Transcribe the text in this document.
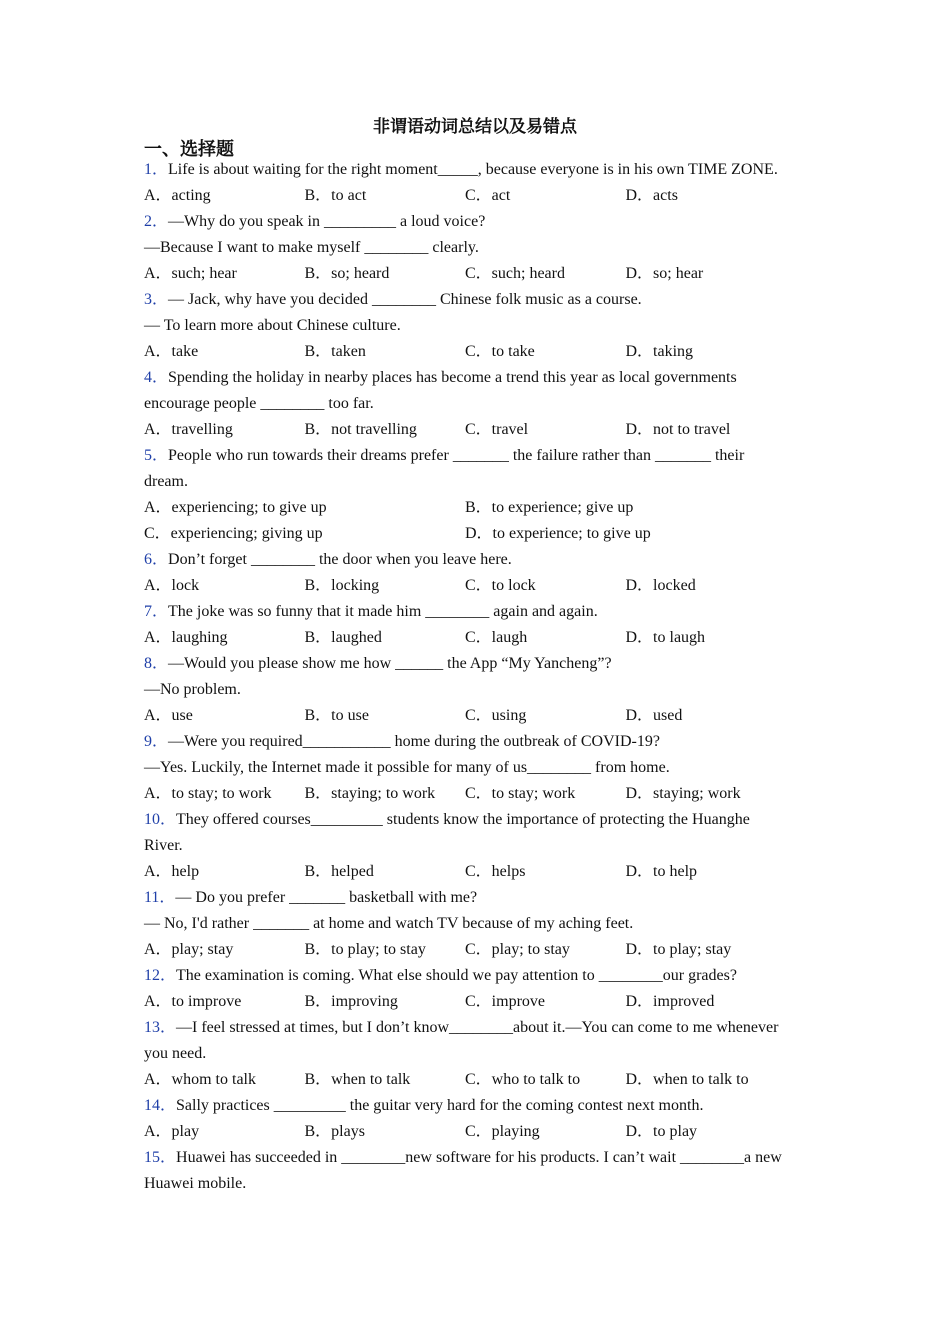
非谓语动词总结以及易错点
一、选择题
1．Life is about waiting for the right moment_____, because everyone is in his own TIME ZONE.
A．acting	B．to act	C．act	D．acts
2．—Why do you speak in _________ a loud voice?
—Because I want to make myself ________ clearly.
A．such; hear	B．so; heard	C．such; heard	D．so; hear
3．— Jack, why have you decided ________ Chinese folk music as a course.
— To learn more about Chinese culture.
A．take	B．taken	C．to take	D．taking
4．Spending the holiday in nearby places has become a trend this year as local governments encourage people ________ too far.
A．travelling	B．not travelling	C．travel	D．not to travel
5．People who run towards their dreams prefer _______ the failure rather than _______ their dream.
A．experiencing; to give up	B．to experience; give up
C．experiencing; giving up	D．to experience; to give up
6．Don’t forget ________ the door when you leave here.
A．lock	B．locking	C．to lock	D．locked
7．The joke was so funny that it made him ________ again and again.
A．laughing	B．laughed	C．laugh	D．to laugh
8．—Would you please show me how ______ the App “My Yancheng”?
—No problem.
A．use	B．to use	C．using	D．used
9．—Were you required___________ home during the outbreak of COVID-19?
—Yes. Luckily, the Internet made it possible for many of us________ from home.
A．to stay; to work	B．staying; to work	C．to stay; work	D．staying; work
10．They offered courses_________ students know the importance of protecting the Huanghe River.
A．help	B．helped	C．helps	D．to help
11．— Do you prefer _______ basketball with me?
— No, I'd rather _______ at home and watch TV because of my aching feet.
A．play; stay	B．to play; to stay	C．play; to stay	D．to play; stay
12．The examination is coming. What else should we pay attention to ________our grades?
A．to improve	B．improving	C．improve	D．improved
13．—I feel stressed at times, but I don’t know________about it.—You can come to me whenever you need.
A．whom to talk	B．when to talk	C．who to talk to	D．when to talk to
14．Sally practices _________ the guitar very hard for the coming contest next month.
A．play	B．plays	C．playing	D．to play
15．Huawei has succeeded in ________new software for his products. I can’t wait ________a new Huawei mobile.
